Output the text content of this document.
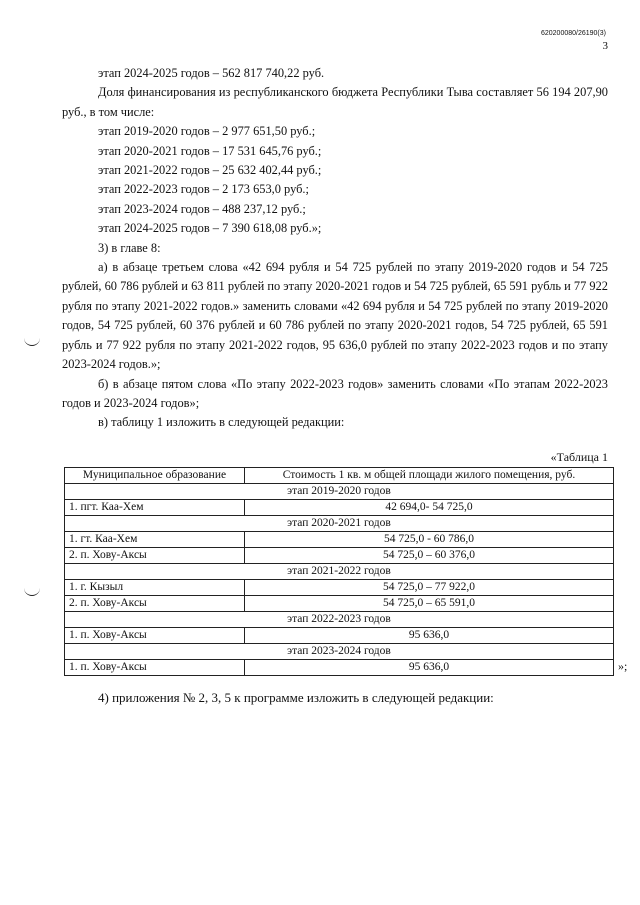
620200080/26190(3)
3

этап 2024-2025 годов – 562 817 740,22 руб.

Доля финансирования из республиканского бюджета Республики Тыва составляет 56 194 207,90 руб., в том числе:

этап 2019-2020 годов – 2 977 651,50 руб.;

этап 2020-2021 годов – 17 531 645,76 руб.;

этап 2021-2022 годов – 25 632 402,44 руб.;

этап 2022-2023 годов – 2 173 653,0 руб.;

этап 2023-2024 годов – 488 237,12 руб.;

этап 2024-2025 годов – 7 390 618,08 руб.»;

3) в главе 8:

а) в абзаце третьем слова «42 694 рубля и 54 725 рублей по этапу 2019-2020 годов и 54 725 рублей, 60 786 рублей и 63 811 рублей по этапу 2020-2021 годов и 54 725 рублей, 65 591 рубль и 77 922 рубля по этапу 2021-2022 годов.» заменить словами «42 694 рубля и 54 725 рублей по этапу 2019-2020 годов, 54 725 рублей, 60 376 рублей и 60 786 рублей по этапу 2020-2021 годов, 54 725 рублей, 65 591 рубль и 77 922 рубля по этапу 2021-2022 годов, 95 636,0 рублей по этапу 2022-2023 годов и по этапу 2023-2024 годов.»;

б) в абзаце пятом слова «По этапу 2022-2023 годов» заменить словами «По этапам 2022-2023 годов и 2023-2024 годов»;

в) таблицу 1 изложить в следующей редакции:

«Таблица 1
Муниципальное образование	Стоимость 1 кв. м общей площади жилого помещения, руб.
этап 2019-2020 годов	
1. пгт. Каа-Хем	42 694,0- 54 725,0
этап 2020-2021 годов	
1. гт. Каа-Хем	54 725,0 - 60 786,0
2. п. Хову-Аксы	54 725,0 – 60 376,0
этап 2021-2022 годов	
1. г. Кызыл	54 725,0 – 77 922,0
2. п. Хову-Аксы	54 725,0 – 65 591,0
этап 2022-2023 годов	
1. п. Хову-Аксы	95 636,0
этап 2023-2024 годов	
1. п. Хову-Аксы	95 636,0	»;
4) приложения № 2, 3, 5 к программе изложить в следующей редакции:
